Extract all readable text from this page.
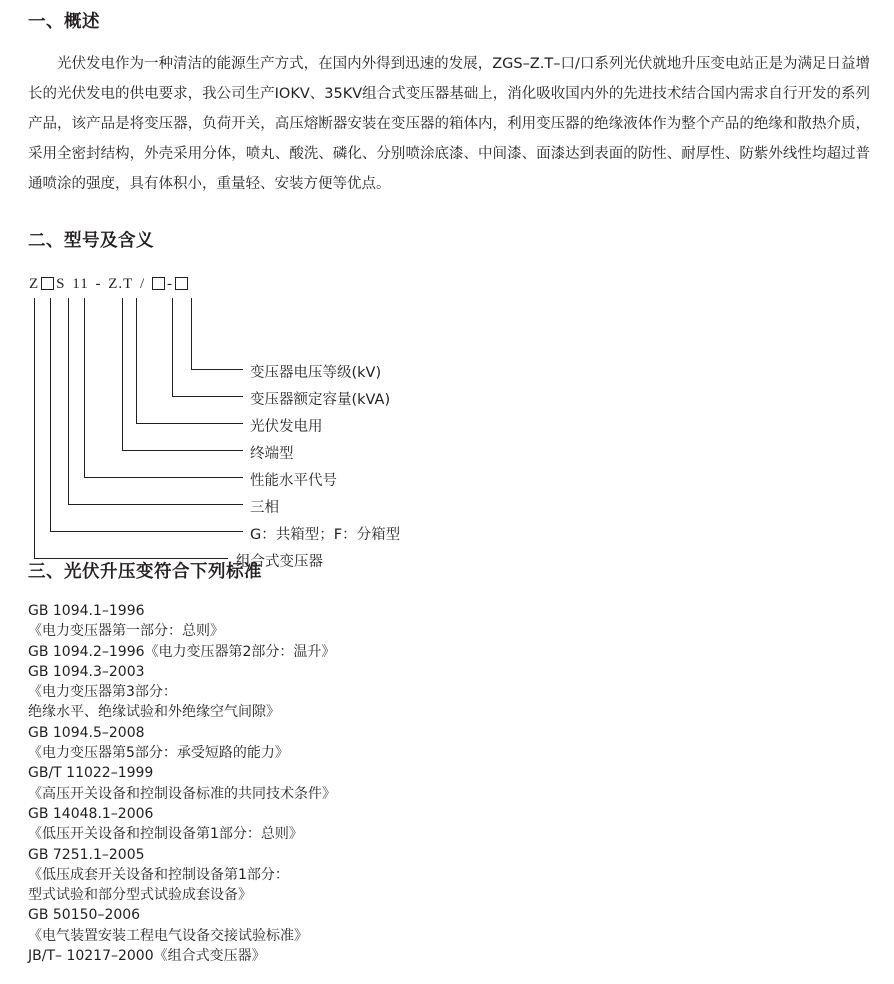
一、概述

光伏发电作为一种清洁的能源生产方式，在国内外得到迅速的发展，ZGS–Z.T–口/口系列光伏就地升压变电站正是为满足日益增长的光伏发电的供电要求，我公司生产IOKV、35KV组合式变压器基础上，消化吸收国内外的先进技术结合国内需求自行开发的系列产品，该产品是将变压器，负荷开关，高压熔断器安装在变压器的箱体内，利用变压器的绝缘液体作为整个产品的绝缘和散热介质，采用全密封结构，外壳采用分体，喷丸、酸洗、磷化、分别喷涂底漆、中间漆、面漆达到表面的防性、耐厚性、防紫外线性均超过普通喷涂的强度，具有体积小，重量轻、安装方便等优点。

二、型号及含义
Z S 11 - Z.T / -
变压器电压等级(kV)
变压器额定容量(kVA)
光伏发电用
终端型
性能水平代号
三相
G：共箱型；F：分箱型
组合式变压器
三、光伏升压变符合下列标准
GB 1094.1–1996
《电力变压器第一部分：总则》
GB 1094.2–1996《电力变压器第2部分：温升》
GB 1094.3–2003
《电力变压器第3部分：
绝缘水平、绝缘试验和外绝缘空气间隙》
GB 1094.5–2008
《电力变压器第5部分：承受短路的能力》
GB/T 11022–1999
《高压开关设备和控制设备标准的共同技术条件》
GB 14048.1–2006
《低压开关设备和控制设备第1部分：总则》
GB 7251.1–2005
《低压成套开关设备和控制设备第1部分：
型式试验和部分型式试验成套设备》
GB 50150–2006
《电气装置安装工程电气设备交接试验标准》
JB/T– 10217–2000《组合式变压器》
